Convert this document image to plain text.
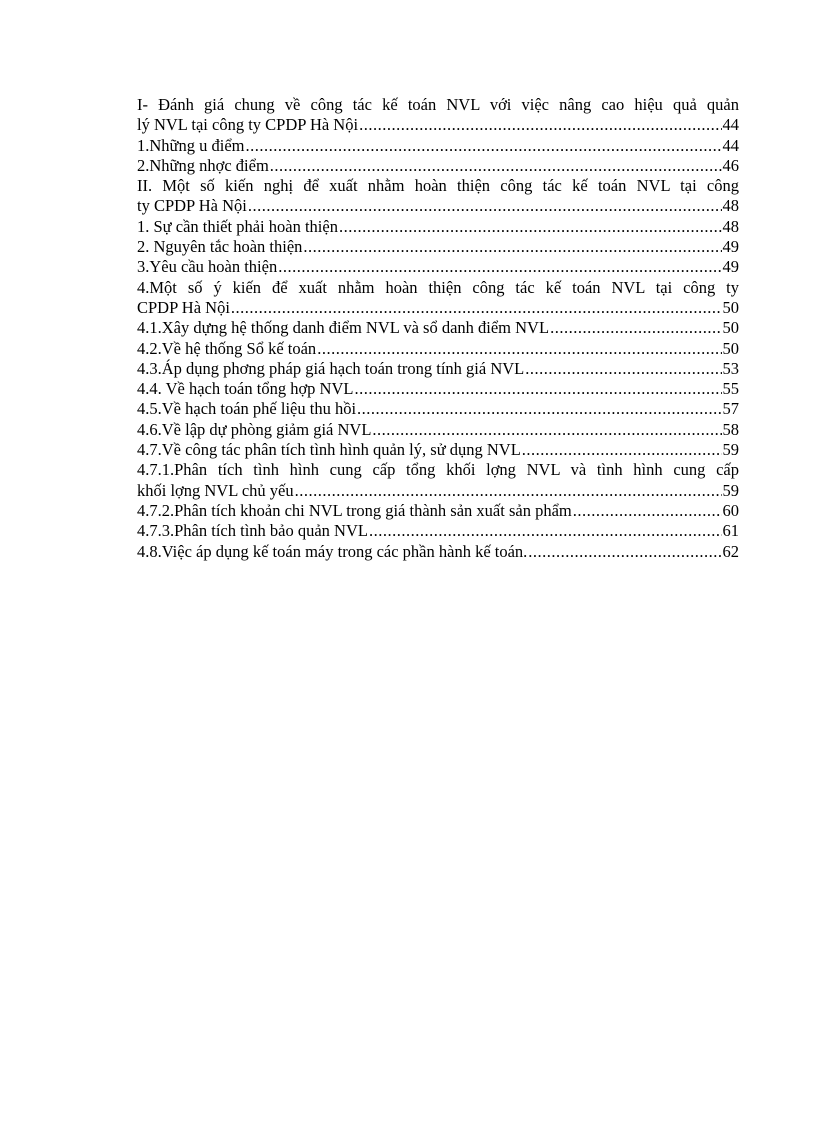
I- Đánh giá chung về công tác kế toán NVL với việc nâng cao hiệu quả quản
lý NVL tại công ty CPDP Hà Nội .....	44
1.Những u điểm .....	44
2.Những nhợc điểm .....	46
II. Một số kiến nghị để xuất nhằm hoàn thiện công tác kế toán NVL tại công
ty CPDP Hà Nội .....	48
1. Sự cần thiết phải hoàn thiện .....	48
2. Nguyên tắc hoàn thiện .....	49
3.Yêu cầu hoàn thiện .....	49
4.Một số ý kiến để xuất nhằm hoàn thiện công tác kế toán NVL tại công ty
CPDP Hà Nội .....	50
4.1.Xây dựng hệ thống danh điểm NVL và sổ danh điểm NVL .....	50
4.2.Về hệ thống Sổ kế toán .....	50
4.3.Áp dụng phơng pháp giá hạch toán trong tính giá NVL .....	53
4.4. Về hạch toán tổng hợp NVL .....	55
4.5.Về hạch toán phế liệu thu hồi .....	57
4.6.Về lập dự phòng giảm giá NVL .....	58
4.7.Về công tác phân tích tình hình quản lý, sử dụng NVL .....	59
4.7.1.Phân tích tình hình cung cấp tổng khối lợng NVL và tình hình cung cấp
khối lợng NVL chủ yếu .....	59
4.7.2.Phân tích khoản chi NVL trong giá thành sản xuất sản phẩm .....	60
4.7.3.Phân tích tình bảo quản NVL .....	61
4.8.Việc áp dụng kế toán máy trong các phần hành kế toán. .....	62
